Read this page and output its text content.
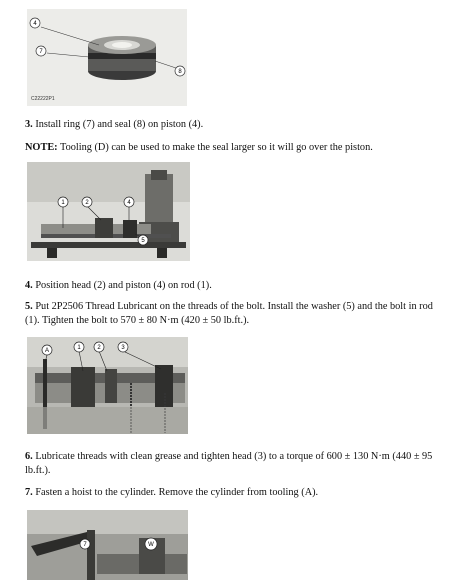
4
7
8
C22222P1

3. Install ring (7) and seal (8) on piston (4).

NOTE: Tooling (D) can be used to make the seal larger so it will go over the piston.

1	2	4
5

4. Position head (2) and piston (4) on rod (1).

5. Put 2P2506 Thread Lubricant on the threads of the bolt. Install the washer (5) and the bolt in rod (1). Tighten the bolt to 570 ± 80 N·m (420 ± 50 lb.ft.).

A	1	2	3

6. Lubricate threads with clean grease and tighten head (3) to a torque of 600 ± 130 N·m (440 ± 95 lb.ft.).

7. Fasten a hoist to the cylinder. Remove the cylinder from tooling (A).

7	W
